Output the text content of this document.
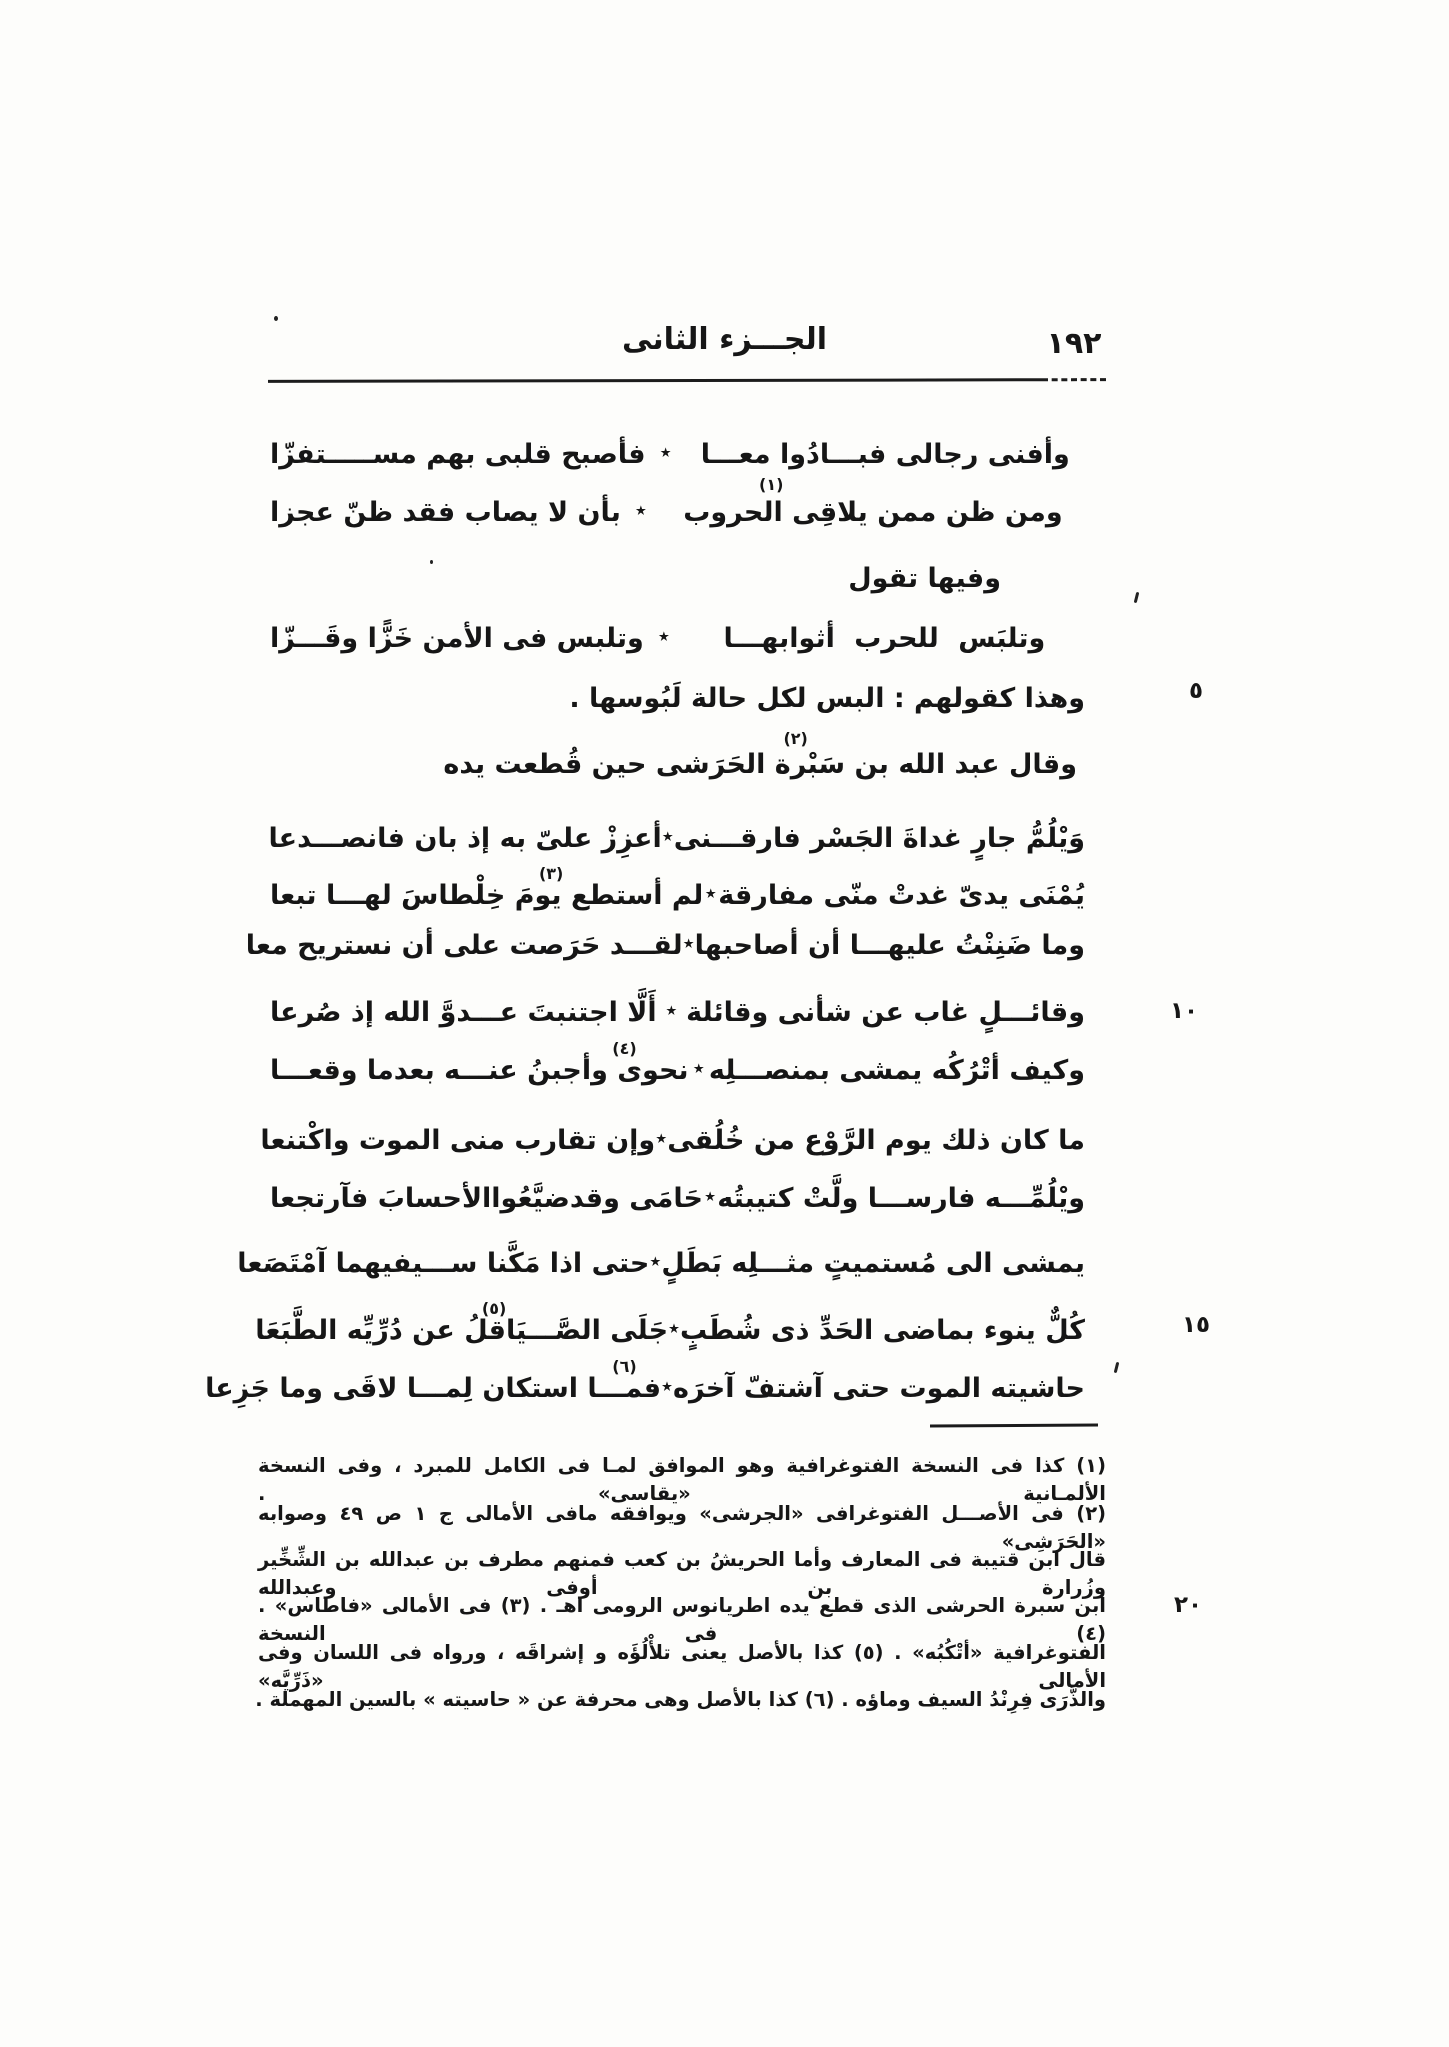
الجـــزء الثانى	١٩٢
وأفنى رجالى فبـــادُوا معـــا
٭
فأصبح قلبى بهم مســـــتفزّا
(١)
ومن ظن ممن يلاقِى الحروب
٭
بأن لا يصاب فقد ظنّ عجزا
وفيها تقول
وتلبَس للحرب أثوابهـــا
٭
وتلبس فى الأمن خَزًّا وقَـــزّا
وهذا كقولهم : البس لكل حالة لَبُوسها .
(٢)
وقال عبد الله بن سَبْرة الحَرَشى حين قُطعت يده
وَيْلُمُّ جارٍ غداةَ الجَسْر فارقـــنى
٭
أعزِزْ علىّ به إذ بان فانصـــدعا
(٣)
يُمْنَى يدىّ غدتْ منّى مفارقة
٭
لم أستطع يومَ خِلْطاسَ لهـــا تبعا
وما ضَنِنْتُ عليهـــا أن أصاحبها
٭
لقـــد حَرَصت على أن نستريح معا
وقائـــلٍ غاب عن شأنى وقائلة
٭
أَلَّا اجتنبتَ عـــدوَّ الله إذ صُرعا
(٤)
وكيف أتْرُكُه يمشى بمنصـــلِه
٭
نحوى وأجبنُ عنـــه بعدما وقعـــا
ما كان ذلك يوم الرَّوْع من خُلُقى
٭
وإن تقارب منى الموت واكْتنعا
ويْلُمِّـــه فارســـا ولَّتْ كتيبتُه
٭
حَامَى وقدضيَّعُواالأحسابَ فآرتجعا
يمشى الى مُستميتٍ مثـــلِه بَطَلٍ
٭
حتى اذا مَكَّنا ســـيفيهما آمْتَصَعا
(٥)
كُلٌّ ينوء بماضى الحَدِّ ذى شُطَبٍ
٭
جَلَى الصَّـــيَاقلُ عن دُرِّيِّه الطَّبَعَا
(٦)
حاشيته الموت حتى آشتفّ آخرَه
٭
فمـــا استكان لِمـــا لاقَى وما جَزِعا
٥
١٠
١٥
٢٠
(١) كذا فى النسخة الفتوغرافية وهو الموافق لمـا فى الكامل للمبرد ، وفى النسخة الألمـانية «يقاسى» .
(٢) فى الأصـــل الفتوغرافى «الجرشى» ويوافقه مافى الأمالى ج ١ ص ٤٩ وصوابه «الحَرَشِى»
قال ابن قتيبة فى المعارف وأما الحريشُ بن كعب فمنهم مطرف بن عبدالله بن الشِّخِّير وزُرارة بن أوفى وعبدالله
ابن سبرة الحرشى الذى قطع يده اطريانوس الرومى اهـ . (٣) فى الأمالى «فاطاس» . (٤) فى النسخة
الفتوغرافية «أتْكُبُه» . (٥) كذا بالأصل يعنى تلأْلُؤَه و إشراقَه ، ورواه فى اللسان وفى الأمالى «ذَرِّيَّه»
والذَّرَى فِرِنْدُ السيف وماؤه . (٦) كذا بالأصل وهى محرفة عن « حاسيته » بالسين المهملة .
